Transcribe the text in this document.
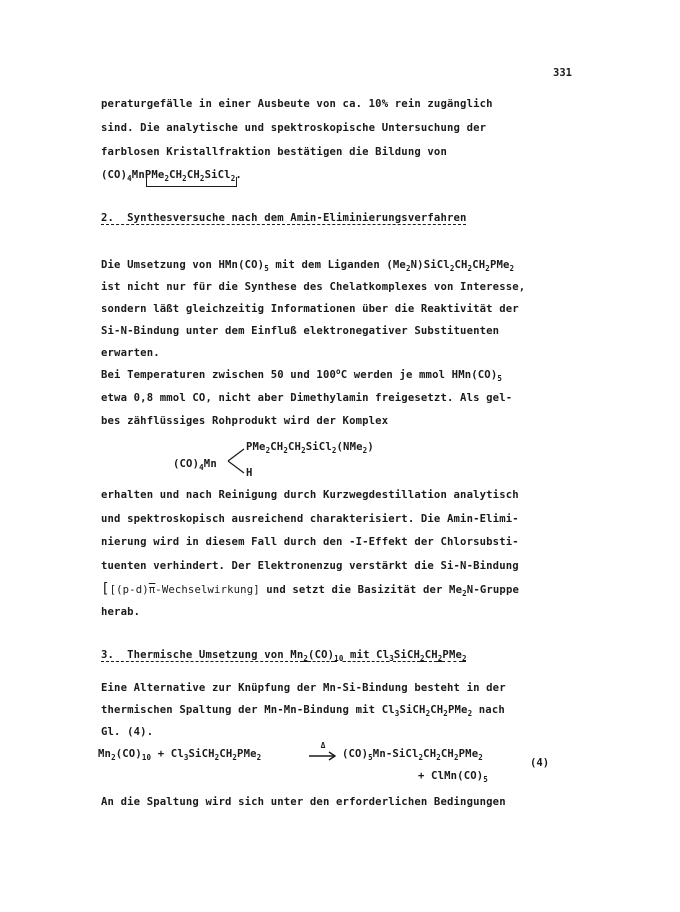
331
peraturgefälle in einer Ausbeute von ca. 10% rein zugänglich
sind. Die analytische und spektroskopische Untersuchung der
farblosen Kristallfraktion bestätigen die Bildung von
$(CO)_4MnPMe_2CH_2CH_2SiCl_2$.
2.  Synthesversuche nach dem Amin-Eliminierungsverfahren
Die Umsetzung von $HMn(CO)_5$ mit dem Liganden $(Me_2N)SiCl_2CH_2CH_2PMe_2$
ist nicht nur für die Synthese des Chelatkomplexes von Interesse,
sondern läßt gleichzeitig Informationen über die Reaktivität der
Si-N-Bindung unter dem Einfluß elektronegativer Substituenten
erwarten.
Bei Temperaturen zwischen 50 und 100$^o$C werden je mmol $HMn(CO)_5$
etwa 0,8 mmol CO, nicht aber Dimethylamin freigesetzt. Als gel-
bes zähflüssiges Rohprodukt wird der Komplex
$(CO)_4Mn$
$PMe_2CH_2CH_2SiCl_2(NMe_2)$
H
erhalten und nach Reinigung durch Kurzwegdestillation analytisch
und spektroskopisch ausreichend charakterisiert. Die Amin-Elimi-
nierung wird in diesem Fall durch den -I-Effekt der Chlorsubsti-
tuenten verhindert. Der Elektronenzug verstärkt die Si-N-Bindung
[$[(p-d)\overline{\pi}-Wechselwirkung]$ und setzt die Basizität der $Me_2N$-Gruppe
herab.
3.  Thermische Umsetzung von $Mn_2(CO)_{10}$ mit $Cl_3SiCH_2CH_2PMe_2$
Eine Alternative zur Knüpfung der Mn-Si-Bindung besteht in der
thermischen Spaltung der Mn-Mn-Bindung mit $Cl_3SiCH_2CH_2PMe_2$ nach
Gl. (4).
$Mn_2(CO)_{10}$ + $Cl_3SiCH_2CH_2PMe_2$
Δ
→ $(CO)_5Mn-SiCl_2CH_2CH_2PMe_2$	(4)
+ $ClMn(CO)_5$
An die Spaltung wird sich unter den erforderlichen Bedingungen
